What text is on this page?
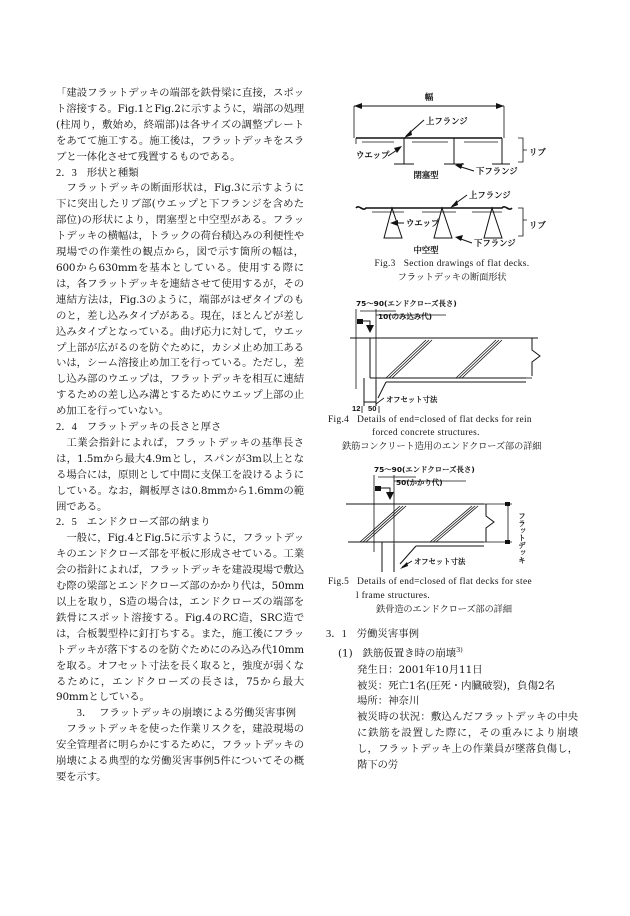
「建設フラットデッキの端部を鉄骨梁に直接，スポット溶接する。Fig.1とFig.2に示すように，端部の処理(柱周り，敷始め，終端部)は各サイズの調整プレートをあてて施工する。施工後は，フラットデッキをスラブと一体化させて残置するものである。

2．3 形状と種類

フラットデッキの断面形状は，Fig.3に示すように下に突出したリブ部(ウエップと下フランジを含めた部位)の形状により，閉塞型と中空型がある。フラットデッキの横幅は，トラックの荷台積込みの利便性や現場での作業性の観点から，図で示す箇所の幅は，600から630mmを基本としている。使用する際には，各フラットデッキを連結させて使用するが，その連結方法は，Fig.3のように，端部がはぜタイプのものと，差し込みタイプがある。現在，ほとんどが差し込みタイプとなっている。曲げ応力に対して，ウエップ上部が広がるのを防ぐために，カシメ止め加工あるいは，シーム溶接止め加工を行っている。ただし，差し込み部のウエップは，フラットデッキを相互に連結するための差し込み溝とするためにウエップ上部の止め加工を行っていない。

2．4 フラットデッキの長さと厚さ

工業会指針によれば，フラットデッキの基準長さは，1.5mから最大4.9mとし，スパンが3m以上となる場合には，原則として中間に支保工を設けるようにしている。なお，鋼板厚さは0.8mmから1.6mmの範囲である。

2．5 エンドクローズ部の納まり

一般に，Fig.4とFig.5に示すように，フラットデッキのエンドクローズ部を平板に形成させている。工業会の指針によれば，フラットデッキを建設現場で敷込む際の梁部とエンドクローズ部のかかり代は，50mm以上を取り，S造の場合は，エンドクローズの端部を鉄骨にスポット溶接する。Fig.4のRC造，SRC造では，合板製型枠に釘打ちする。また，施工後にフラットデッキが落下するのを防ぐためにのみ込み代10mmを取る。オフセット寸法を長く取ると，強度が弱くなるために，エンドクローズの長さは，75から最大90mmとしている。

3． フラットデッキの崩壊による労働災害事例

フラットデッキを使った作業リスクを，建設現場の安全管理者に明らかにするために，フラットデッキの崩壊による典型的な労働災害事例5件についてその概要を示す。

幅
上フランジ
ウエップ	リブ
下フランジ
閉塞型
上フランジ
ウエップ	リブ
下フランジ
中空型
Fig.3 Section drawings of flat decks.
フラットデッキの断面形状
75〜90(エンドクローズ長さ)
10(のみ込み代)
オフセット寸法
12 50
Fig.4 Details of end=closed of flat decks for rein
forced concrete structures.
鉄筋コンクリート造用のエンドクローズ部の詳細
75〜90(エンドクローズ長さ)
50(かかり代)
フラットデッキ
オフセット寸法
Fig.5 Details of end=closed of flat decks for stee
l frame structures.
鉄骨造のエンドクローズ部の詳細
3．1 労働災害事例

(1) 鉄筋仮置き時の崩壊$^{3)}$

発生日：2001年10月11日

被災：死亡1名(圧死・内臓破裂)，負傷2名

場所：神奈川

被災時の状況：敷込んだフラットデッキの中央に鉄筋を設置した際に，その重みにより崩壊し，フラットデッキ上の作業員が墜落負傷し，階下の労
